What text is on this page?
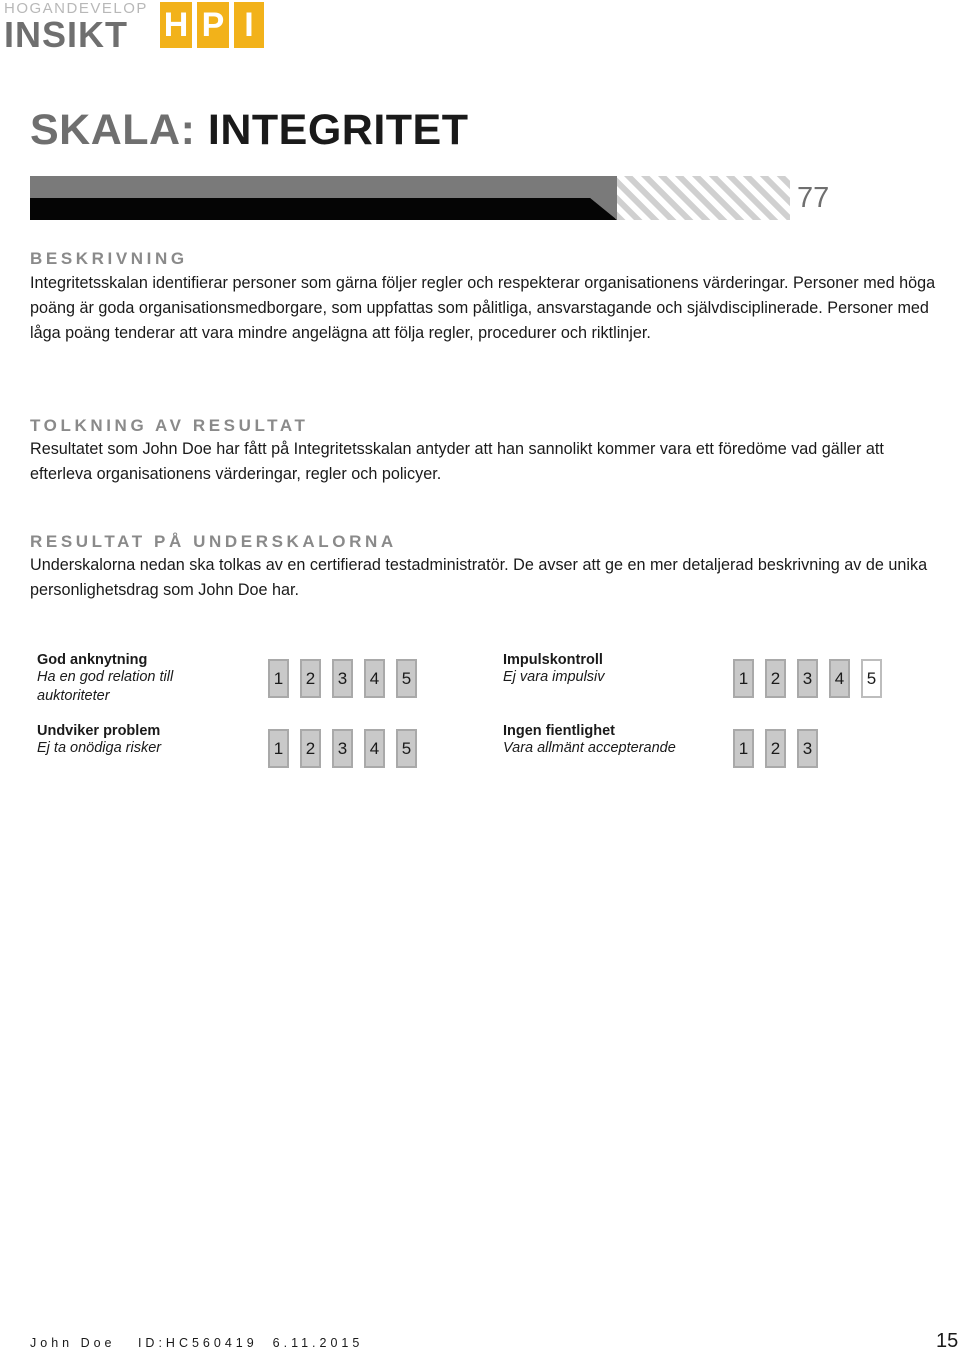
HOGANDEVELOP
INSIKT H P I
SKALA: INTEGRITET
77
BESKRIVNING
Integritetsskalan identifierar personer som gärna följer regler och respekterar organisationens värderingar. Personer med höga poäng är goda organisationsmedborgare, som uppfattas som pålitliga, ansvarstagande och självdisciplinerade. Personer med låga poäng tenderar att vara mindre angelägna att följa regler, procedurer och riktlinjer.
TOLKNING AV RESULTAT
Resultatet som John Doe har fått på Integritetsskalan antyder att han sannolikt kommer vara ett föredöme vad gäller att efterleva organisationens värderingar, regler och policyer.
RESULTAT PÅ UNDERSKALORNA
Underskalorna nedan ska tolkas av en certifierad testadministratör. De avser att ge en mer detaljerad beskrivning av de unika personlighetsdrag som John Doe har.
God anknytning
Ha en god relation till auktoriteter
1	2	3	4	5
Impulskontroll
Ej vara impulsiv	1	2	3	4	5
Undviker problem
Ej ta onödiga risker	1	2	3	4	5
Ingen fientlighet
Vara allmänt accepterande	1	2	3
John Doe ID:HC560419 6.11.2015	15
